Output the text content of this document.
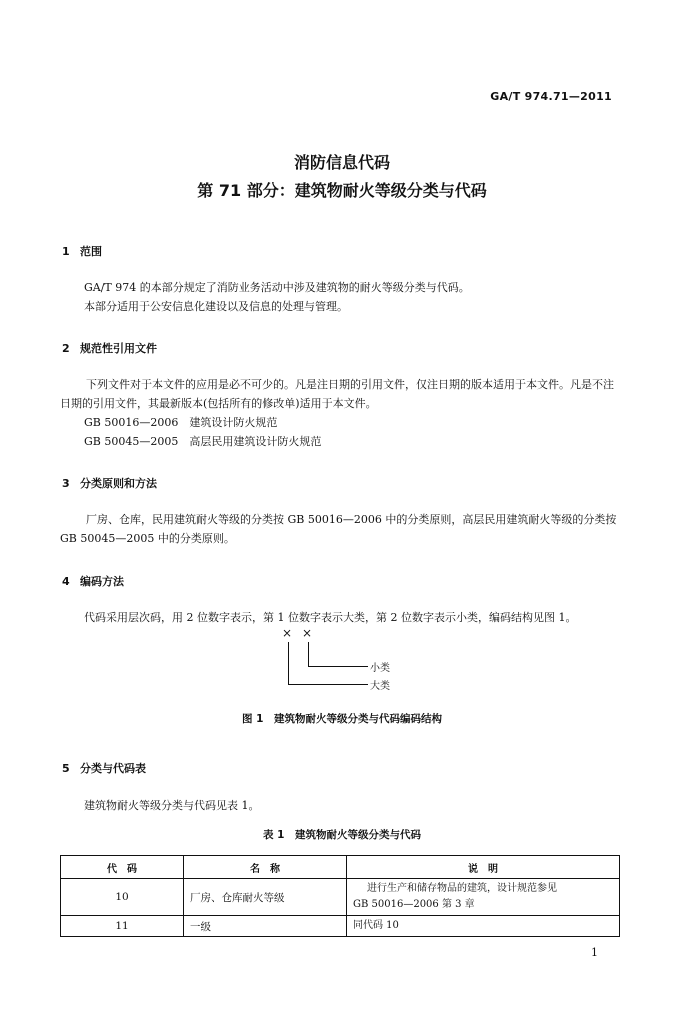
GA/T 974.71—2011
消防信息代码
第 71 部分：建筑物耐火等级分类与代码
1 范围
GA/T 974 的本部分规定了消防业务活动中涉及建筑物的耐火等级分类与代码。
本部分适用于公安信息化建设以及信息的处理与管理。
2 规范性引用文件
下列文件对于本文件的应用是必不可少的。凡是注日期的引用文件，仅注日期的版本适用于本文件。凡是不注日期的引用文件，其最新版本(包括所有的修改单)适用于本文件。
GB 50016—2006　建筑设计防火规范
GB 50045—2005　高层民用建筑设计防火规范
3 分类原则和方法
厂房、仓库，民用建筑耐火等级的分类按 GB 50016—2006 中的分类原则，高层民用建筑耐火等级的分类按 GB 50045—2005 中的分类原则。
4 编码方法
代码采用层次码，用 2 位数字表示，第 1 位数字表示大类，第 2 位数字表示小类，编码结构见图 1。
× ×
小类
大类
图 1　建筑物耐火等级分类与代码编码结构
5 分类与代码表
建筑物耐火等级分类与代码见表 1。
表 1　建筑物耐火等级分类与代码
代　码	名　称	说　明
10	厂房、仓库耐火等级	进行生产和储存物品的建筑，设计规范参见
GB 50016—2006 第 3 章

11	一级	同代码 10
1
